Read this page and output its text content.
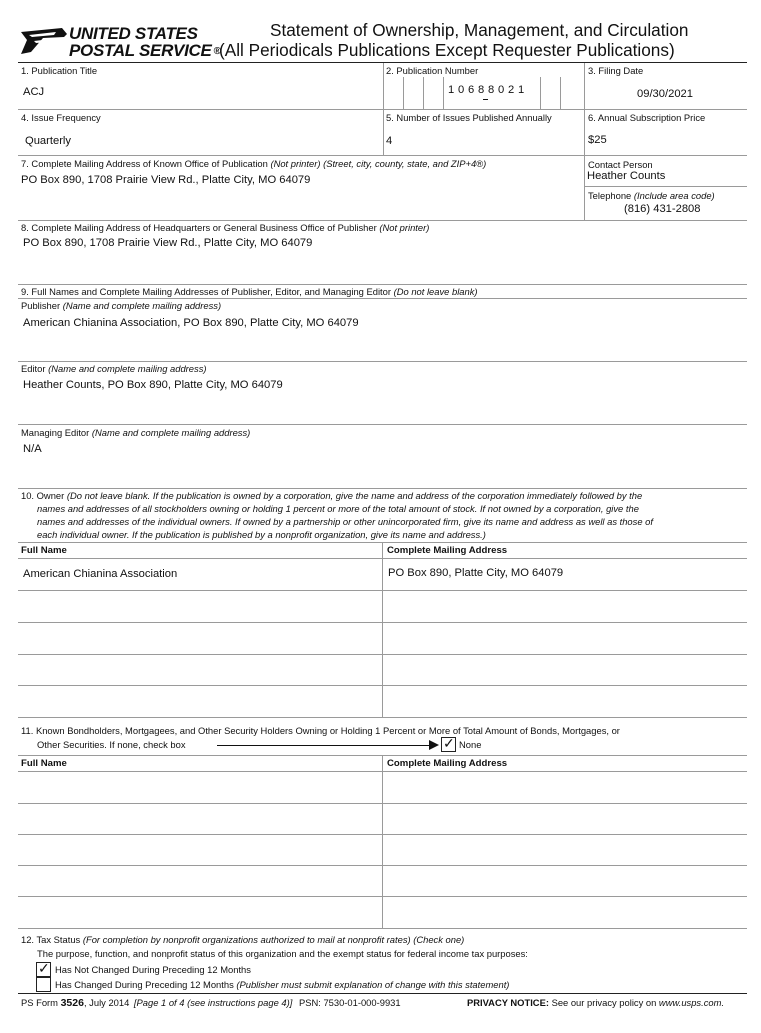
UNITED STATES
POSTAL SERVICE ®
Statement of Ownership, Management, and Circulation
(All Periodicals Publications Except Requester Publications)
1. Publication Title
ACJ
2. Publication Number
1 0 6 8 8 0 2 1
3. Filing Date
09/30/2021
4. Issue Frequency
Quarterly
5. Number of Issues Published Annually
4
6. Annual Subscription Price
$25
7. Complete Mailing Address of Known Office of Publication (Not printer) (Street, city, county, state, and ZIP+4®)
PO Box 890, 1708 Prairie View Rd., Platte City, MO 64079
Contact Person
Heather Counts
Telephone (Include area code)
(816) 431-2808
8. Complete Mailing Address of Headquarters or General Business Office of Publisher (Not printer)
PO Box 890, 1708 Prairie View Rd., Platte City, MO 64079
9. Full Names and Complete Mailing Addresses of Publisher, Editor, and Managing Editor (Do not leave blank)
Publisher (Name and complete mailing address)
American Chianina Association, PO Box 890, Platte City, MO 64079
Editor (Name and complete mailing address)
Heather Counts, PO Box 890, Platte City, MO 64079
Managing Editor (Name and complete mailing address)
N/A
10. Owner (Do not leave blank. If the publication is owned by a corporation, give the name and address of the corporation immediately followed by the
names and addresses of all stockholders owning or holding 1 percent or more of the total amount of stock. If not owned by a corporation, give the
names and addresses of the individual owners. If owned by a partnership or other unincorporated firm, give its name and address as well as those of
each individual owner. If the publication is published by a nonprofit organization, give its name and address.)
Full Name	Complete Mailing Address
American Chianina Association	PO Box 890, Platte City, MO 64079
11. Known Bondholders, Mortgagees, and Other Security Holders Owning or Holding 1 Percent or More of Total Amount of Bonds, Mortgages, or
Other Securities. If none, check box	✓ None
Full Name	Complete Mailing Address
12. Tax Status (For completion by nonprofit organizations authorized to mail at nonprofit rates) (Check one)
The purpose, function, and nonprofit status of this organization and the exempt status for federal income tax purposes:
✓ Has Not Changed During Preceding 12 Months
Has Changed During Preceding 12 Months (Publisher must submit explanation of change with this statement)
PS Form 3526, July 2014 [Page 1 of 4 (see instructions page 4)] PSN: 7530-01-000-9931	PRIVACY NOTICE: See our privacy policy on www.usps.com.
